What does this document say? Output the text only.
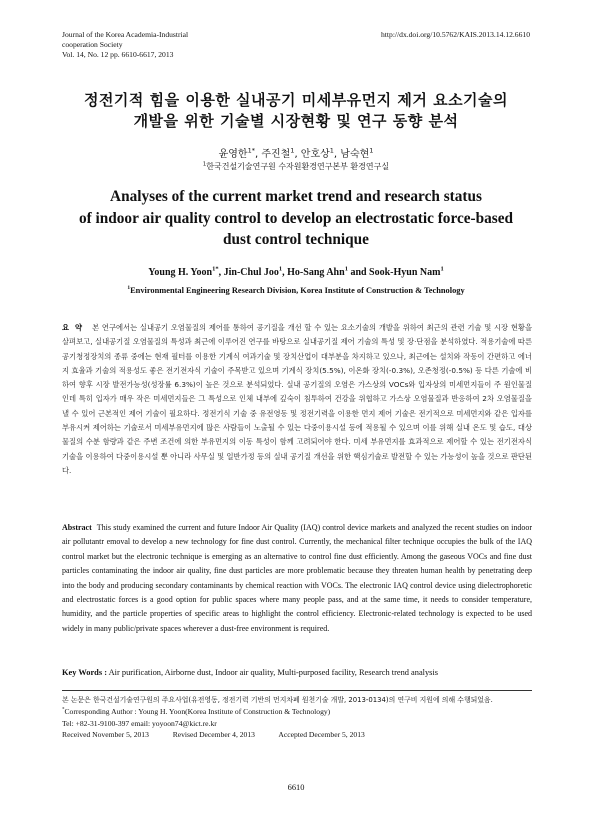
Journal of the Korea Academia-Industrial
cooperation Society
Vol. 14, No. 12 pp. 6610-6617, 2013
http://dx.doi.org/10.5762/KAIS.2013.14.12.6610
정전기적 힘을 이용한 실내공기 미세부유먼지 제거 요소기술의
개발을 위한 기술별 시장현황 및 연구 동향 분석
윤영한$^{1*}$, 주진철$^1$, 안호상$^1$, 남숙현$^1$
$^1$한국건설기술연구원 수자원환경연구본부 환경연구실
Analyses of the current market trend and research status
of indoor air quality control to develop an electrostatic force-based
dust control technique
Young H. Yoon$^{1*}$, Jin-Chul Joo$^1$, Ho-Sang Ahn$^1$ and Sook-Hyun Nam$^1$
$^1$Environmental Engineering Research Division, Korea Institute of Construction & Technology
요약 본 연구에서는 실내공기 오염물질의 제어를 통하여 공기질을 개선 할 수 있는 요소기술의 개발을 위하여 최근의 관련 기술 및 시장 현황을 살펴보고, 실내공기질 오염물질의 특성과 최근에 이루어진 연구를 바탕으로 실내공기질 제어 기술의 특성 및 장·단점을 분석하였다. 적용기술에 따른 공기청정장치의 종류 중에는 현재 필터를 이용한 기계식 여과기술 및 장치산업이 대부분을 차지하고 있으나, 최근에는 설치와 작동이 간편하고 에너지 효율과 기술의 적용성도 좋은 전기전자식 기술이 주목받고 있으며 기계식 장치(5.5%), 이온화 장치(-0.3%), 오존청정(-0.5%) 등 다른 기술에 비하여 향후 시장 발전가능성(성장률 6.3%)이 높은 것으로 분석되었다. 실내 공기질의 오염은 가스상의 VOCs와 입자상의 미세먼지들이 주 원인물질인데 특히 입자가 매우 작은 미세먼지들은 그 특성으로 인체 내부에 깊숙이 침투하여 건강을 위협하고 가스상 오염물질과 반응하여 2차 오염물질을 낼 수 있어 근본적인 제어 기술이 필요하다. 정전기식 기술 중 유전영동 및 정전기력을 이용한 먼지 제어 기술은 전기적으로 미세먼지와 같은 입자를 부유시켜 제어하는 기술로서 미세부유먼지에 많은 사람들이 노출될 수 있는 다중이용시설 등에 적용될 수 있으며 이를 위해 실내 온도 및 습도, 대상물질의 수분 함량과 같은 주변 조건에 의한 부유먼지의 이동 특성이 함께 고려되어야 한다. 미세 부유먼지를 효과적으로 제어할 수 있는 전기전자식 기술을 이용하여 다중이용시설 뿐 아니라 사무실 및 일반가정 등의 실내 공기질 개선을 위한 핵심기술로 발전할 수 있는 가능성이 높을 것으로 판단된다.
Abstract This study examined the current and future Indoor Air Quality (IAQ) control device markets and analyzed the recent studies on indoor air pollutantr emoval to develop a new technology for fine dust control. Currently, the mechanical filter technique occupies the bulk of the IAQ control market but the electronic technique is emerging as an alternative to control fine dust efficiently. Among the gaseous VOCs and fine dust particles contaminating the indoor air quality, fine dust particles are more problematic because they threaten human health by penetrating deep into the body and producing secondary contaminants by chemical reaction with VOCs. The electronic IAQ control device using dielectrophoretic and electrostatic forces is a good option for public spaces where many people pass, and at the same time, it needs to consider temperature, humidity, and the particle properties of specific areas to highlight the control efficiency. Electronic-related technology is expected to be used widely in many public/private spaces wherever a dust-free environment is required.
Key Words : Air purification, Airborne dust, Indoor air quality, Multi-purposed facility, Research trend analysis
본 논문은 한국건설기술연구원의 주요사업(유전영동, 정전기력 기반의 먼지차폐 원천기술 개발, 2013-0134)의 연구비 지원에 의해 수행되었음.
*Corresponding Author : Young H. Yoon(Korea Institute of Construction & Technology)
Tel: +82-31-9100-397 email: yoyoon74@kict.re.kr
Received November 5, 2013	Revised December 4, 2013	Accepted December 5, 2013
6610
